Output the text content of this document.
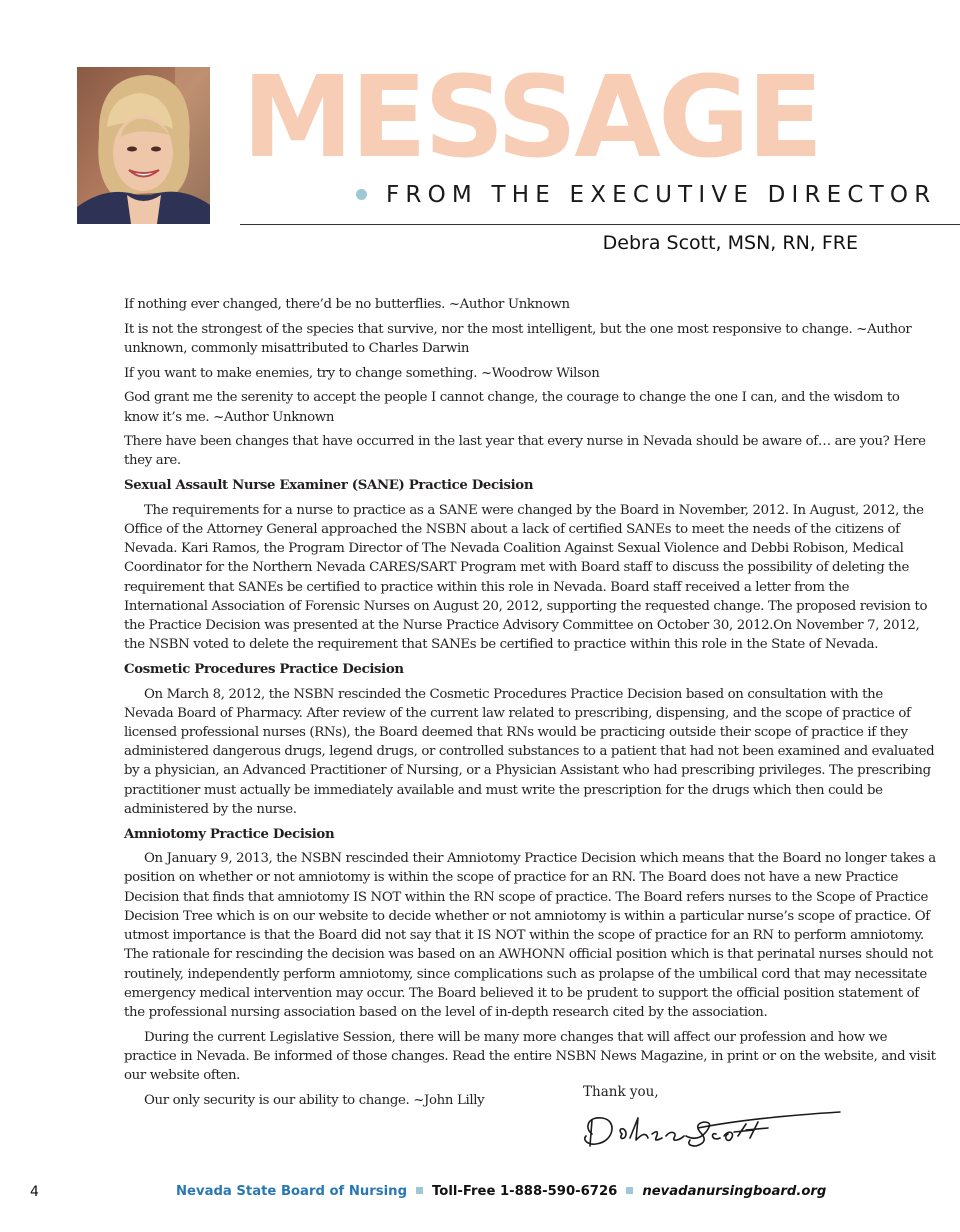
MESSAGE
FROM THE EXECUTIVE DIRECTOR
Debra Scott, MSN, RN, FRE

If nothing ever changed, there’d be no butterflies. ~Author Unknown

It is not the strongest of the species that survive, nor the most intelligent, but the one most responsive to change. ~Author unknown, commonly misattributed to Charles Darwin

If you want to make enemies, try to change something. ~Woodrow Wilson

God grant me the serenity to accept the people I cannot change, the courage to change the one I can, and the wisdom to know it’s me. ~Author Unknown

There have been changes that have occurred in the last year that every nurse in Nevada should be aware of… are you? Here they are.

Sexual Assault Nurse Examiner (SANE) Practice Decision

The requirements for a nurse to practice as a SANE were changed by the Board in November, 2012. In August, 2012, the Office of the Attorney General approached the NSBN about a lack of certified SANEs to meet the needs of the citizens of Nevada. Kari Ramos, the Program Director of The Nevada Coalition Against Sexual Violence and Debbi Robison, Medical Coordinator for the Northern Nevada CARES/SART Program met with Board staff to discuss the possibility of deleting the requirement that SANEs be certified to practice within this role in Nevada. Board staff received a letter from the International Association of Forensic Nurses on August 20, 2012, supporting the requested change. The proposed revision to the Practice Decision was presented at the Nurse Practice Advisory Committee on October 30, 2012.On November 7, 2012, the NSBN voted to delete the requirement that SANEs be certified to practice within this role in the State of Nevada.

Cosmetic Procedures Practice Decision

On March 8, 2012, the NSBN rescinded the Cosmetic Procedures Practice Decision based on consultation with the Nevada Board of Pharmacy. After review of the current law related to prescribing, dispensing, and the scope of practice of licensed professional nurses (RNs), the Board deemed that RNs would be practicing outside their scope of practice if they administered dangerous drugs, legend drugs, or controlled substances to a patient that had not been examined and evaluated by a physician, an Advanced Practitioner of Nursing, or a Physician Assistant who had prescribing privileges. The prescribing practitioner must actually be immediately available and must write the prescription for the drugs which then could be administered by the nurse.

Amniotomy Practice Decision

On January 9, 2013, the NSBN rescinded their Amniotomy Practice Decision which means that the Board no longer takes a position on whether or not amniotomy is within the scope of practice for an RN. The Board does not have a new Practice Decision that finds that amniotomy IS NOT within the RN scope of practice. The Board refers nurses to the Scope of Practice Decision Tree which is on our website to decide whether or not amniotomy is within a particular nurse’s scope of practice. Of utmost importance is that the Board did not say that it IS NOT within the scope of practice for an RN to perform amniotomy. The rationale for rescinding the decision was based on an AWHONN official position which is that perinatal nurses should not routinely, independently perform amniotomy, since complications such as prolapse of the umbilical cord that may necessitate emergency medical intervention may occur. The Board believed it to be prudent to support the official position statement of the professional nursing association based on the level of in-depth research cited by the association.

During the current Legislative Session, there will be many more changes that will affect our profession and how we practice in Nevada. Be informed of those changes. Read the entire NSBN News Magazine, in print or on the website, and visit our website often.

Our only security is our ability to change. ~John Lilly

Thank you,
4	Nevada State Board of Nursing Toll-Free 1-888-590-6726 nevadanursingboard.org
